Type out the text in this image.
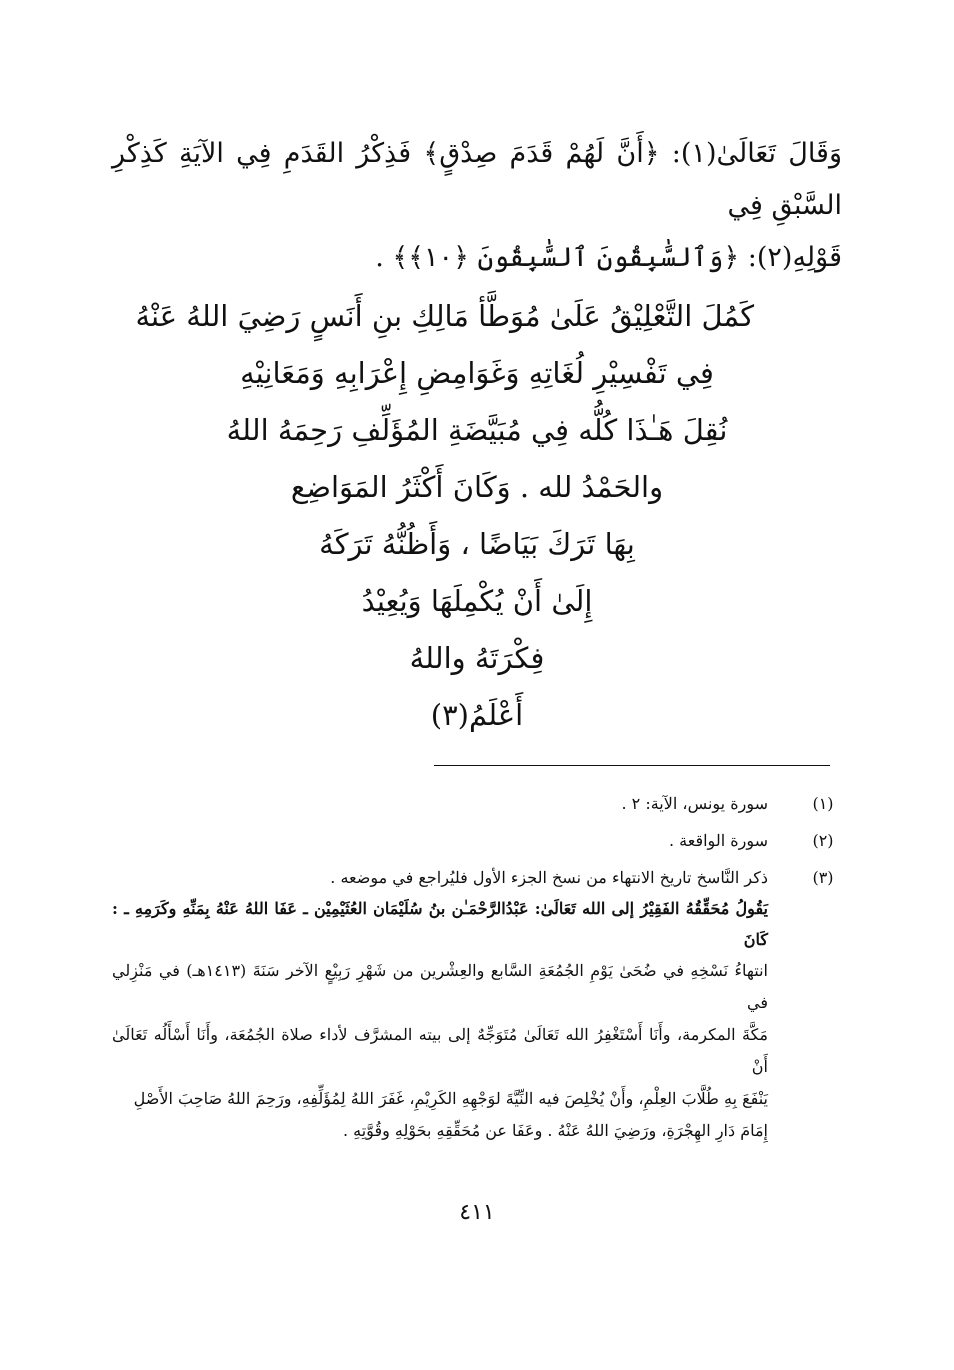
وَقَالَ تَعَالَىٰ(١): ﴿أَنَّ لَهُمْ قَدَمَ صِدْقٍ﴾ فَذِكْرُ القَدَمِ فِي الآيَةِ كَذِكْرِ السَّبْقِ فِي

قَوْلِهِ(٢): ﴿وَٱلسَّٰبِقُونَ ٱلسَّٰبِقُونَ ﴿١٠﴾﴾ .

كَمُلَ التَّعْلِيْقُ عَلَىٰ مُوَطَّأ مَالِكِ بنِ أَنَسٍ رَضِيَ اللهُ عَنْهُ
فِي تَفْسِيْرِ لُغَاتِهِ وَغَوَامِضِ إِعْرَابِهِ وَمَعَانِيْهِ
نُقِلَ هَـٰذَا كُلُّه فِي مُبَيَّضَةِ المُؤَلِّفِ رَحِمَهُ اللهُ
والحَمْدُ لله . وَكَانَ أَكْثَرُ المَوَاضِع
بِهَا تَرَكَ بَيَاضًا ، وَأَظُنُّهُ تَرَكَهُ
إِلَىٰ أَنْ يُكْمِلَهَا وَيُعِيْدُ
فِكْرَتَهُ واللهُ
أَعْلَمُ(٣)
(١)
سورة يونس، الآية: ٢ .
(٢)
سورة الواقعة .
(٣)
ذكر النَّاسخ تاريخ الانتهاء من نسخ الجزء الأول فليُراجع في موضعه .
يَقُولُ مُحَقِّقُهُ الفَقِيْرُ إلى الله تَعَالَىٰ: عَبْدُالرَّحْمَـٰن بنُ سُلَيْمَان العُثَيْمِيْن ـ عَفَا اللهُ عَنْهُ بِمَنِّهِ وكَرَمِهِ ـ : كَانَ
انتهاءُ نَسْخِهِ في ضُحَىٰ يَوْمِ الجُمُعَةِ السَّابع والعِشْرين من شَهْرِ رَبِيْعٍ الآخر سَنَةَ (١٤١٣هـ) في مَنْزِلي في
مَكَّةَ المكرمة، وأَنَا أَسْتَغْفِرُ الله تَعَالَىٰ مُتَوَجِّهٌ إلى بيته المشرَّف لأداء صلاة الجُمُعَة، وأَنَا أَسْأَلُه تَعَالَىٰ أَنْ
يَنْفَعَ بِهِ طُلَّابَ العِلْمِ، وأَنْ يُخْلِصَ فيه النِّيَّةَ لوَجْهِهِ الكَرِيْمِ، غَفَرَ اللهُ لِمُؤَلِّفِهِ، ورَحِمَ اللهُ صَاحِبَ الأَصْلِ
إِمَامَ دَارِ الهِجْرَةِ، ورَضِيَ اللهُ عَنْهُ . وعَفَا عن مُحَقِّقِهِ بحَوْلِهِ وقُوَّتِهِ .
٤١١
